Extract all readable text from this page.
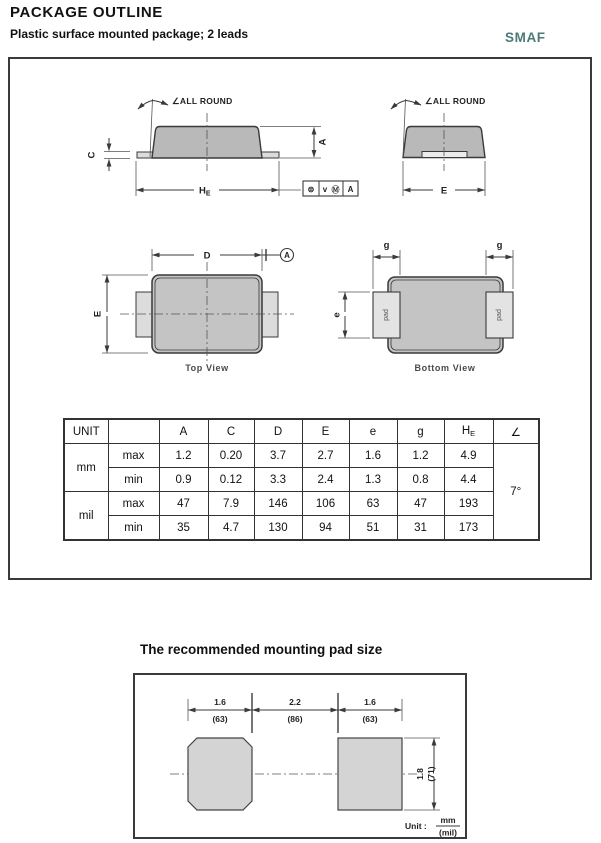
PACKAGE OUTLINE
Plastic surface mounted package; 2 leads	SMAF
∠ALL ROUND
A
C
$H_E$	⊜ v Ⓜ A
∠ALL ROUND
E
D	A
E
Top View
pad	pad
e
g	g
Bottom View
UNIT		A	C	D	E	e	g	$H_E$	∠
mm	max	1.2	0.20	3.7	2.7	1.6	1.2	4.9	7°
	min	0.9	0.12	3.3	2.4	1.3	0.8	4.4	
mil	max	47	7.9	146	106	63	47	193	
	min	35	4.7	130	94	51	31	173	
The recommended mounting pad size
1.6
(63)
2.2
(86)
1.6
(63)
1.8 (71)
Unit :
mm
(mil)
